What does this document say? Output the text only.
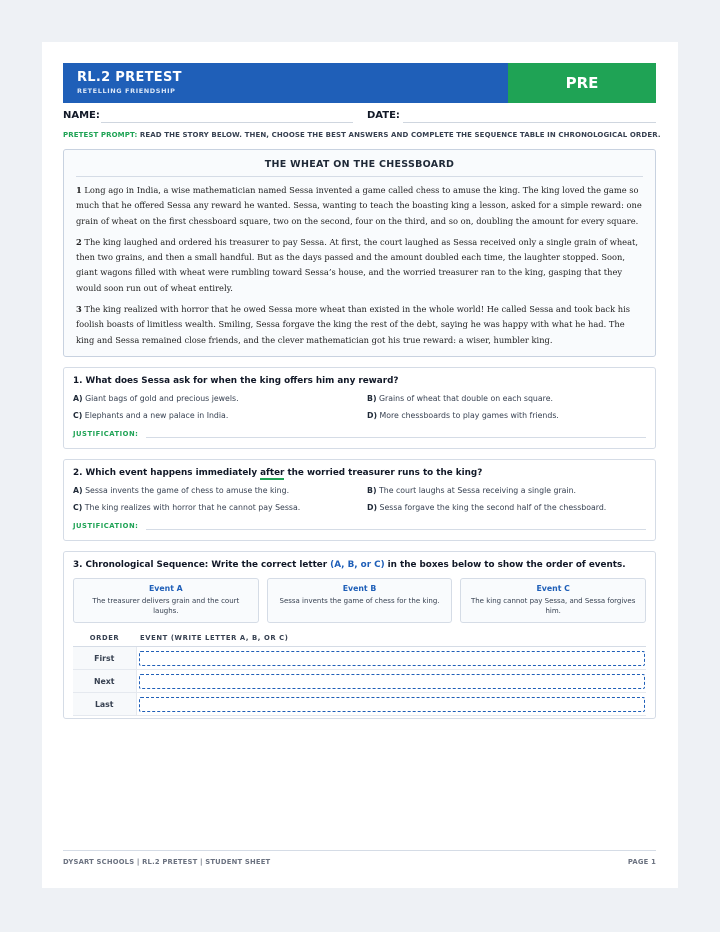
RL.2 PRETEST
RETELLING FRIENDSHIP	PRE
NAME:	DATE:
PRETEST PROMPT: READ THE STORY BELOW. THEN, CHOOSE THE BEST ANSWERS AND COMPLETE THE SEQUENCE TABLE IN CHRONOLOGICAL ORDER.
THE WHEAT ON THE CHESSBOARD
1 Long ago in India, a wise mathematician named Sessa invented a game called chess to amuse the king. The king loved the game so much that he offered Sessa any reward he wanted. Sessa, wanting to teach the boasting king a lesson, asked for a simple reward: one grain of wheat on the first chessboard square, two on the second, four on the third, and so on, doubling the amount for every square.
2 The king laughed and ordered his treasurer to pay Sessa. At first, the court laughed as Sessa received only a single grain of wheat, then two grains, and then a small handful. But as the days passed and the amount doubled each time, the laughter stopped. Soon, giant wagons filled with wheat were rumbling toward Sessa’s house, and the worried treasurer ran to the king, gasping that they would soon run out of wheat entirely.
3 The king realized with horror that he owed Sessa more wheat than existed in the whole world! He called Sessa and took back his foolish boasts of limitless wealth. Smiling, Sessa forgave the king the rest of the debt, saying he was happy with what he had. The king and Sessa remained close friends, and the clever mathematician got his true reward: a wiser, humbler king.
1. What does Sessa ask for when the king offers him any reward?
A) Giant bags of gold and precious jewels.	B) Grains of wheat that double on each square.
C) Elephants and a new palace in India.	D) More chessboards to play games with friends.
JUSTIFICATION:
2. Which event happens immediately after the worried treasurer runs to the king?
A) Sessa invents the game of chess to amuse the king.	B) The court laughs at Sessa receiving a single grain.
C) The king realizes with horror that he cannot pay Sessa.	D) Sessa forgave the king the second half of the chessboard.
JUSTIFICATION:
3. Chronological Sequence: Write the correct letter (A, B, or C) in the boxes below to show the order of events.
Event A
The treasurer delivers grain and the court laughs.
Event B
Sessa invents the game of chess for the king.
Event C
The king cannot pay Sessa, and Sessa forgives him.
ORDER	EVENT (WRITE LETTER A, B, OR C)
First	

Next	

Last	
DYSART SCHOOLS | RL.2 PRETEST | STUDENT SHEET	PAGE 1
